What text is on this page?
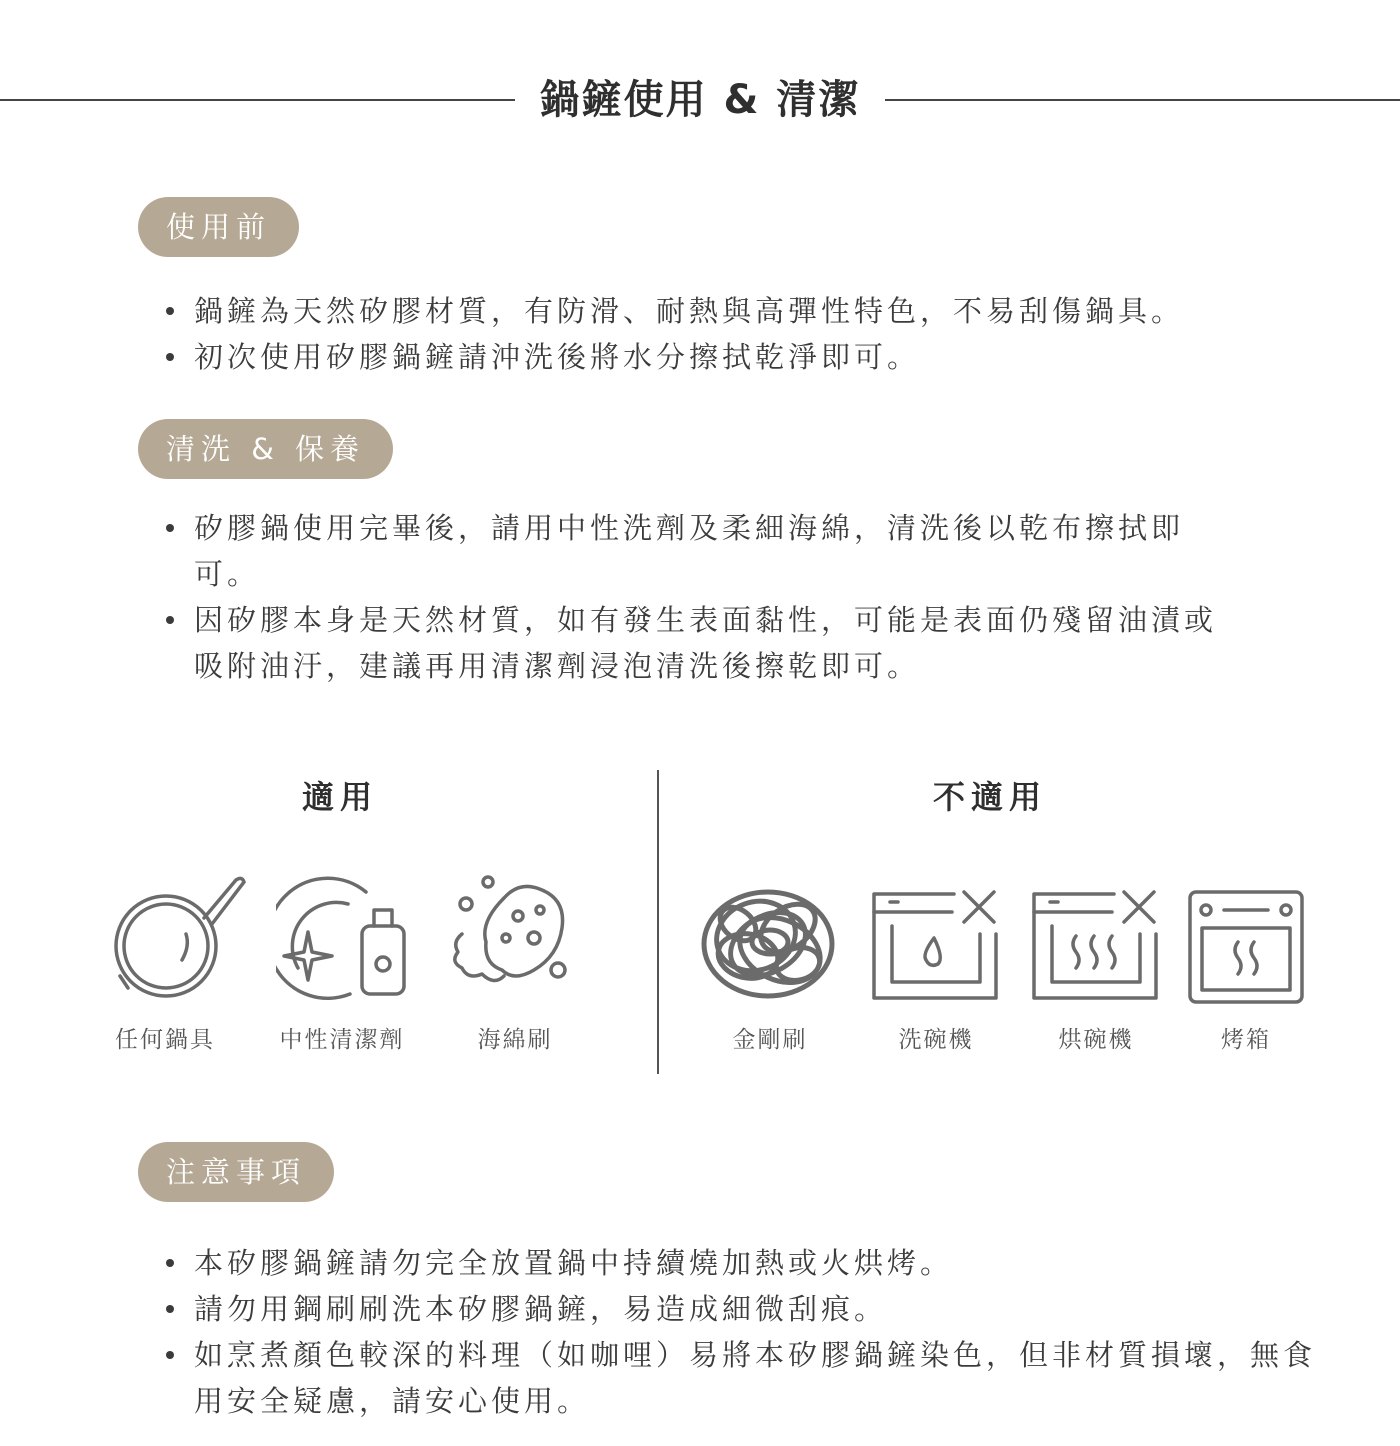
鍋鏟使用 & 清潔
使用前
鍋鏟為天然矽膠材質，有防滑、耐熱與高彈性特色，不易刮傷鍋具。
初次使用矽膠鍋鏟請沖洗後將水分擦拭乾淨即可。
清洗 & 保養
矽膠鍋使用完畢後，請用中性洗劑及柔細海綿，清洗後以乾布擦拭即可。
因矽膠本身是天然材質，如有發生表面黏性，可能是表面仍殘留油漬或吸附油汙，建議再用清潔劑浸泡清洗後擦乾即可。
適用	不適用
任何鍋具	中性清潔劑	海綿刷	金剛刷	洗碗機	烘碗機	烤箱
注意事項
本矽膠鍋鏟請勿完全放置鍋中持續燒加熱或火烘烤。
請勿用鋼刷刷洗本矽膠鍋鏟，易造成細微刮痕。
如烹煮顏色較深的料理（如咖哩）易將本矽膠鍋鏟染色，但非材質損壞，無食用安全疑慮，請安心使用。
